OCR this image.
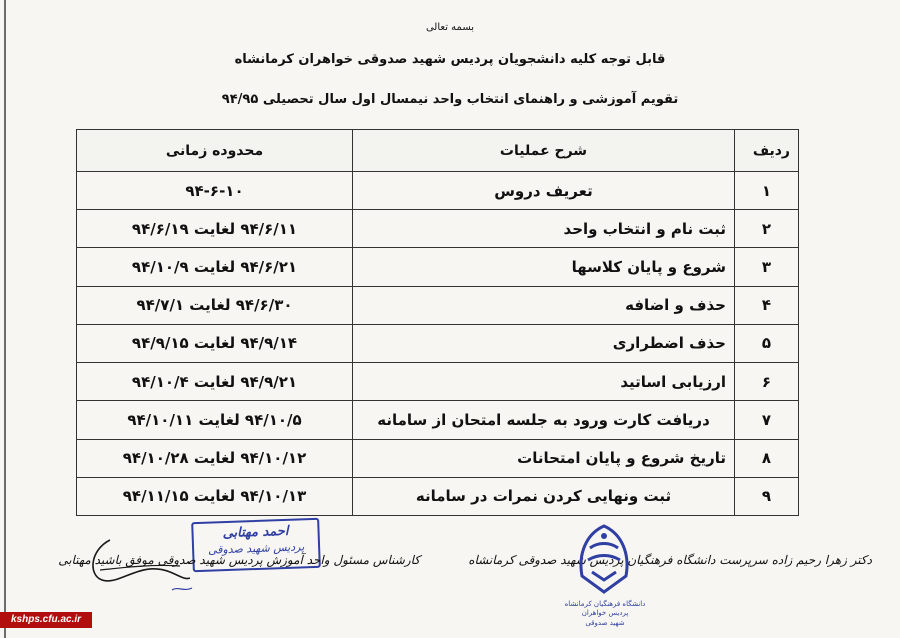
بسمه تعالی
قابل توجه کلیه دانشجویان پردیس شهید صدوقی خواهران کرمانشاه
تقویم آموزشی و راهنمای انتخاب واحد نیمسال اول سال تحصیلی ۹۴/۹۵
ردیف	شرح عملیات	محدوده زمانی
۱	تعریف دروس	۹۴-۶-۱۰
۲	ثبت نام و انتخاب واحد	۹۴/۶/۱۱ لغایت ۹۴/۶/۱۹
۳	شروع و پایان کلاسها	۹۴/۶/۲۱ لغایت ۹۴/۱۰/۹
۴	حذف و اضافه	۹۴/۶/۳۰ لغایت ۹۴/۷/۱
۵	حذف اضطراری	۹۴/۹/۱۴ لغایت ۹۴/۹/۱۵
۶	ارزیابی اساتید	۹۴/۹/۲۱ لغایت ۹۴/۱۰/۴
۷	دریافت کارت ورود به جلسه امتحان از سامانه	۹۴/۱۰/۵ لغایت ۹۴/۱۰/۱۱
۸	تاریخ شروع و پایان امتحانات	۹۴/۱۰/۱۲ لغایت ۹۴/۱۰/۲۸
۹	ثبت ونهایی کردن نمرات در سامانه	۹۴/۱۰/۱۳ لغایت ۹۴/۱۱/۱۵
احمد مهتابی
پردیس شهید صدوقی
کارشناس مسئول واحد آموزش پردیس شهید صدوقی موفق باشید مهتابی	دکتر زهرا رحیم زاده سرپرست دانشگاه فرهنگیان پردیس شهید صدوقی کرمانشاه
دانشگاه فرهنگیان کرمانشاه
پردیس خواهران
شهید صدوقی
kshps.cfu.ac.ir
